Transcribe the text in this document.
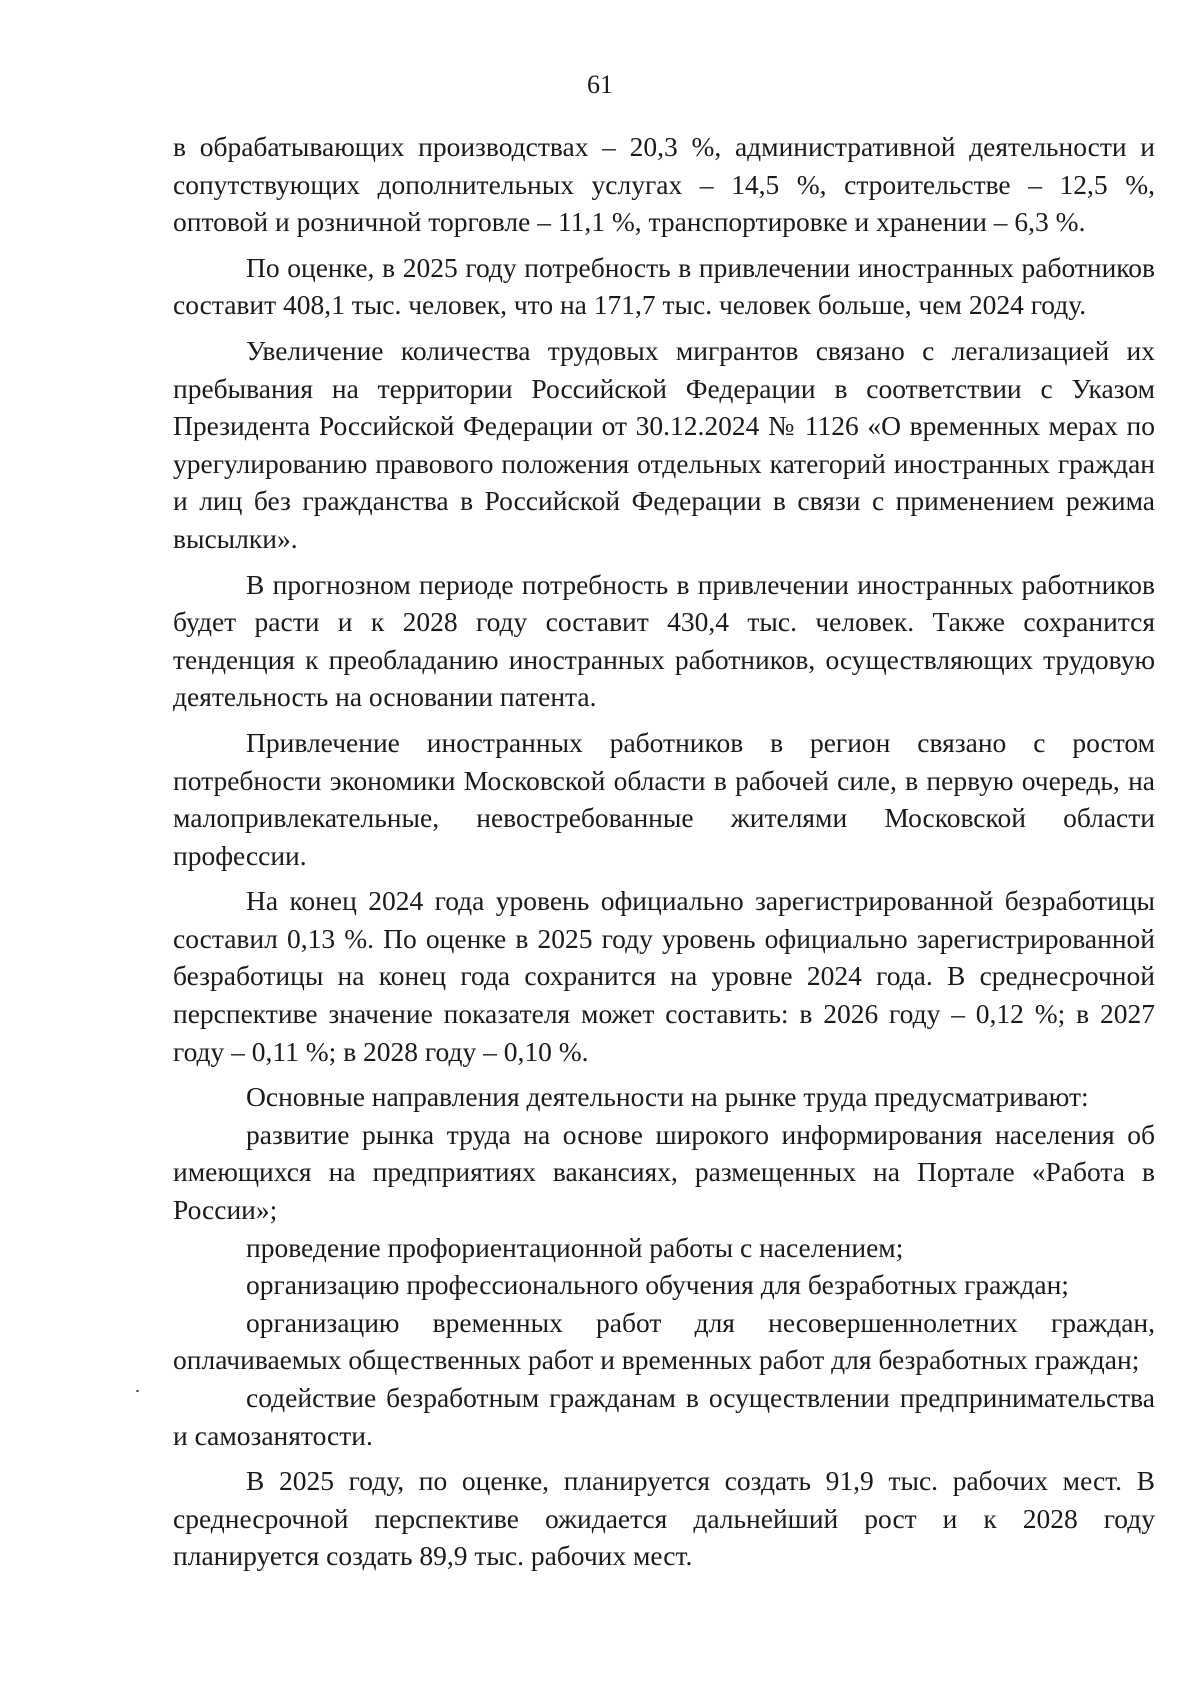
61

в обрабатывающих производствах – 20,3 %, административной деятельности и сопутствующих дополнительных услугах – 14,5 %, строительстве – 12,5 %, оптовой и розничной торговле – 11,1 %, транспортировке и хранении – 6,3 %.

По оценке, в 2025 году потребность в привлечении иностранных работников составит 408,1 тыс. человек, что на 171,7 тыс. человек больше, чем 2024 году.

Увеличение количества трудовых мигрантов связано с легализацией их пребывания на территории Российской Федерации в соответствии с Указом Президента Российской Федерации от 30.12.2024 № 1126 «О временных мерах по урегулированию правового положения отдельных категорий иностранных граждан и лиц без гражданства в Российской Федерации в связи с применением режима высылки».

В прогнозном периоде потребность в привлечении иностранных работников будет расти и к 2028 году составит 430,4 тыс. человек. Также сохранится тенденция к преобладанию иностранных работников, осуществляющих трудовую деятельность на основании патента.

Привлечение иностранных работников в регион связано с ростом потребности экономики Московской области в рабочей силе, в первую очередь, на малопривлекательные, невостребованные жителями Московской области профессии.

На конец 2024 года уровень официально зарегистрированной безработицы составил 0,13 %. По оценке в 2025 году уровень официально зарегистрированной безработицы на конец года сохранится на уровне 2024 года. В среднесрочной перспективе значение показателя может составить: в 2026 году – 0,12 %; в 2027 году – 0,11 %; в 2028 году – 0,10 %.

Основные направления деятельности на рынке труда предусматривают:

развитие рынка труда на основе широкого информирования населения об имеющихся на предприятиях вакансиях, размещенных на Портале «Работа в России»;

проведение профориентационной работы с населением;

организацию профессионального обучения для безработных граждан;

организацию временных работ для несовершеннолетних граждан, оплачиваемых общественных работ и временных работ для безработных граждан;

содействие безработным гражданам в осуществлении предпринимательства и самозанятости.

В 2025 году, по оценке, планируется создать 91,9 тыс. рабочих мест. В среднесрочной перспективе ожидается дальнейший рост и к 2028 году планируется создать 89,9 тыс. рабочих мест.
